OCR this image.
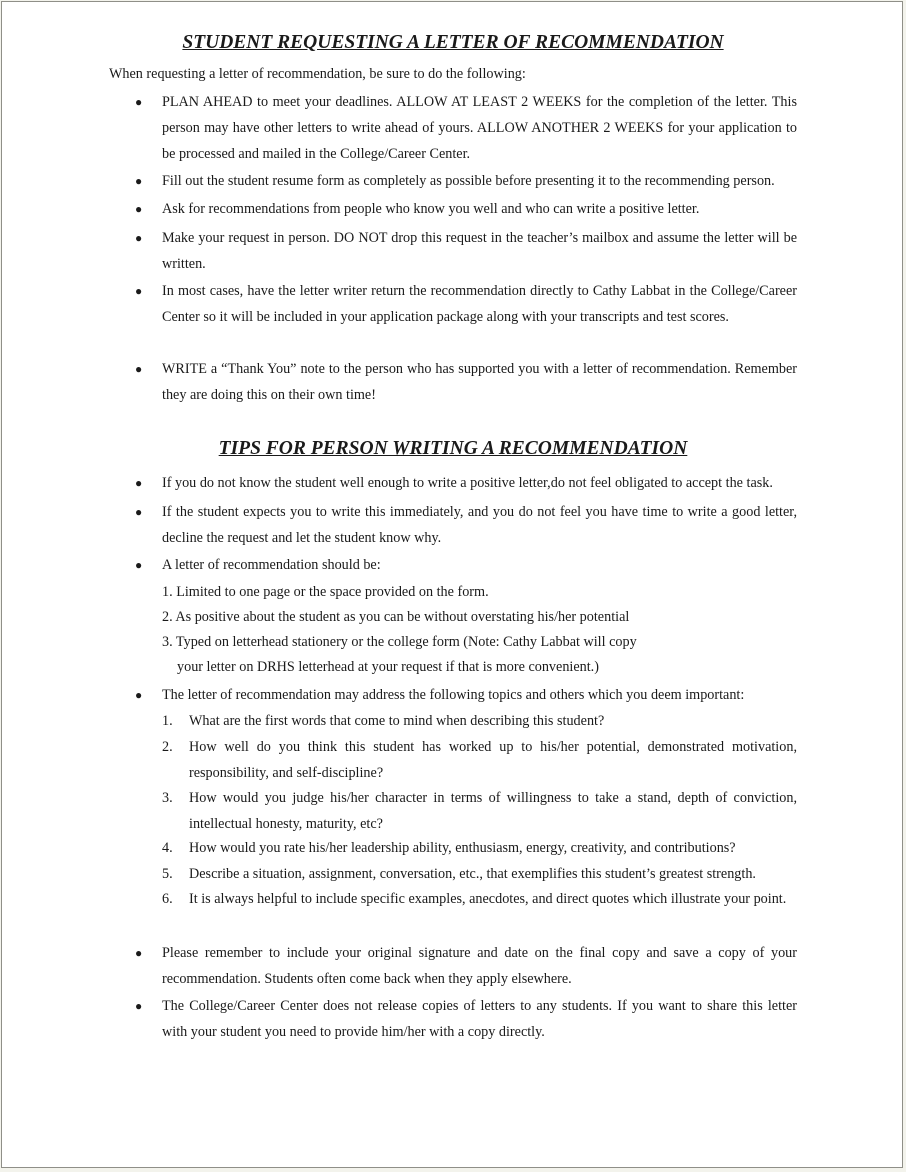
STUDENT REQUESTING A LETTER OF RECOMMENDATION

When requesting a letter of recommendation, be sure to do the following:

● PLAN AHEAD to meet your deadlines. ALLOW AT LEAST 2 WEEKS for the completion of the letter. This person may have other letters to write ahead of yours. ALLOW ANOTHER 2 WEEKS for your application to be processed and mailed in the College/Career Center.

● Fill out the student resume form as completely as possible before presenting it to the recommending person.

● Ask for recommendations from people who know you well and who can write a positive letter.

● Make your request in person. DO NOT drop this request in the teacher’s mailbox and assume the letter will be written.

● In most cases, have the letter writer return the recommendation directly to Cathy Labbat in the College/Career Center so it will be included in your application package along with your transcripts and test scores.

● WRITE a “Thank You” note to the person who has supported you with a letter of recommendation. Remember they are doing this on their own time!

TIPS FOR PERSON WRITING A RECOMMENDATION
● If you do not know the student well enough to write a positive letter,do not feel obligated to accept the task.

● If the student expects you to write this immediately, and you do not feel you have time to write a good letter, decline the request and let the student know why.

● A letter of recommendation should be:

1. Limited to one page or the space provided on the form.

2. As positive about the student as you can be without overstating his/her potential

3. Typed on letterhead stationery or the college form (Note: Cathy Labbat will copy

your letter on DRHS letterhead at your request if that is more convenient.)

● The letter of recommendation may address the following topics and others which you deem important:

1. What are the first words that come to mind when describing this student?

2. How well do you think this student has worked up to his/her potential, demonstrated motivation, responsibility, and self-discipline?

3. How would you judge his/her character in terms of willingness to take a stand, depth of conviction, intellectual honesty, maturity, etc?

4. How would you rate his/her leadership ability, enthusiasm, energy, creativity, and contributions?

5. Describe a situation, assignment, conversation, etc., that exemplifies this student’s greatest strength.

6. It is always helpful to include specific examples, anecdotes, and direct quotes which illustrate your point.

● Please remember to include your original signature and date on the final copy and save a copy of your recommendation. Students often come back when they apply elsewhere.

● The College/Career Center does not release copies of letters to any students. If you want to share this letter with your student you need to provide him/her with a copy directly.
